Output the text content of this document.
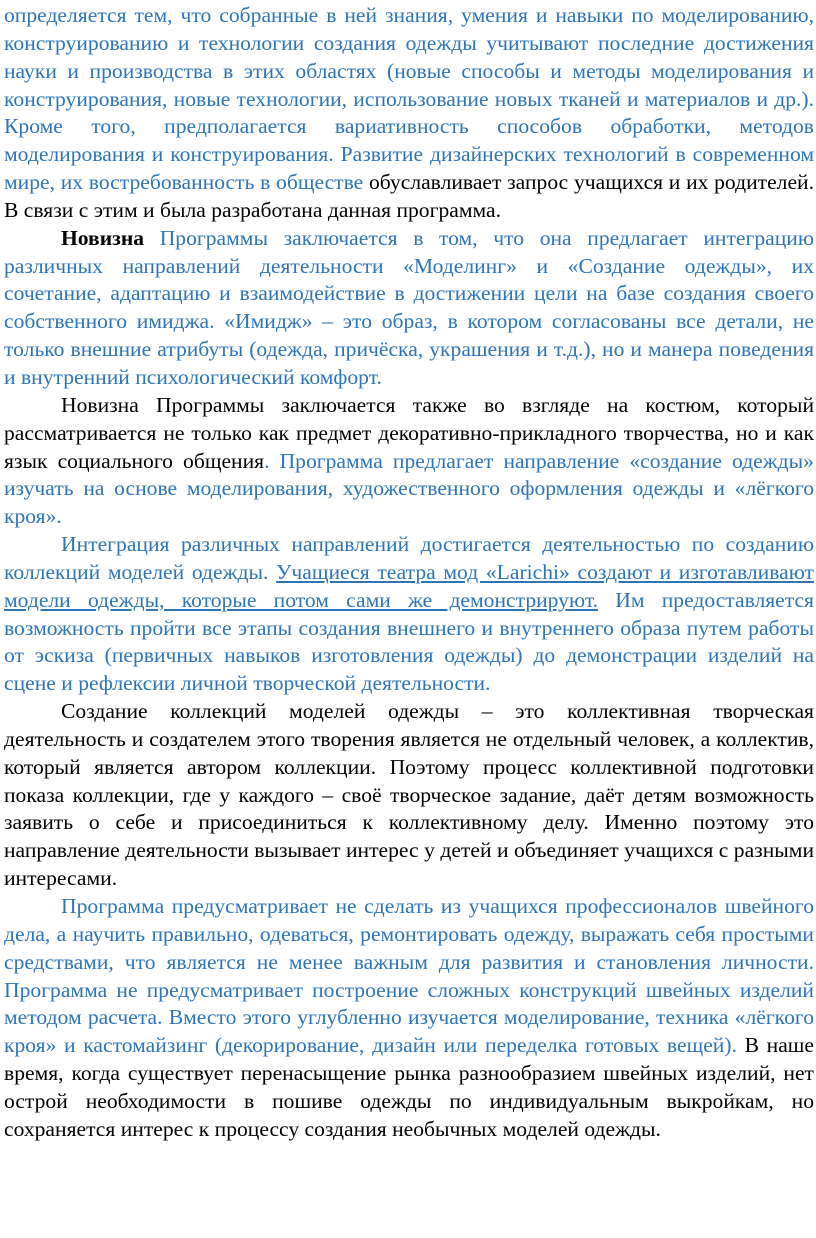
определяется тем, что собранные в ней знания, умения и навыки по моделированию, конструированию и технологии создания одежды учитывают последние достижения науки и производства в этих областях (новые способы и методы моделирования и конструирования, новые технологии, использование новых тканей и материалов и др.). Кроме того, предполагается вариативность способов обработки, методов моделирования и конструирования. Развитие дизайнерских технологий в современном мире, их востребованность в обществе обуславливает запрос учащихся и их родителей. В связи с этим и была разработана данная программа.

Новизна Программы заключается в том, что она предлагает интеграцию различных направлений деятельности «Моделинг» и «Создание одежды», их сочетание, адаптацию и взаимодействие в достижении цели на базе создания своего собственного имиджа. «Имидж» – это образ, в котором согласованы все детали, не только внешние атрибуты (одежда, причёска, украшения и т.д.), но и манера поведения и внутренний психологический комфорт.

Новизна Программы заключается также во взгляде на костюм, который рассматривается не только как предмет декоративно-прикладного творчества, но и как язык социального общения. Программа предлагает направление «создание одежды» изучать на основе моделирования, художественного оформления одежды и «лёгкого кроя».

Интеграция различных направлений достигается деятельностью по созданию коллекций моделей одежды. Учащиеся театра мод «Larichi» создают и изготавливают модели одежды, которые потом сами же демонстрируют. Им предоставляется возможность пройти все этапы создания внешнего и внутреннего образа путем работы от эскиза (первичных навыков изготовления одежды) до демонстрации изделий на сцене и рефлексии личной творческой деятельности.

Создание коллекций моделей одежды – это коллективная творческая деятельность и создателем этого творения является не отдельный человек, а коллектив, который является автором коллекции. Поэтому процесс коллективной подготовки показа коллекции, где у каждого – своё творческое задание, даёт детям возможность заявить о себе и присоединиться к коллективному делу. Именно поэтому это направление деятельности вызывает интерес у детей и объединяет учащихся с разными интересами.

Программа предусматривает не сделать из учащихся профессионалов швейного дела, а научить правильно, одеваться, ремонтировать одежду, выражать себя простыми средствами, что является не менее важным для развития и становления личности. Программа не предусматривает построение сложных конструкций швейных изделий методом расчета. Вместо этого углубленно изучается моделирование, техника «лёгкого кроя» и кастомайзинг (декорирование, дизайн или переделка готовых вещей). В наше время, когда существует перенасыщение рынка разнообразием швейных изделий, нет острой необходимости в пошиве одежды по индивидуальным выкройкам, но сохраняется интерес к процессу создания необычных моделей одежды.
